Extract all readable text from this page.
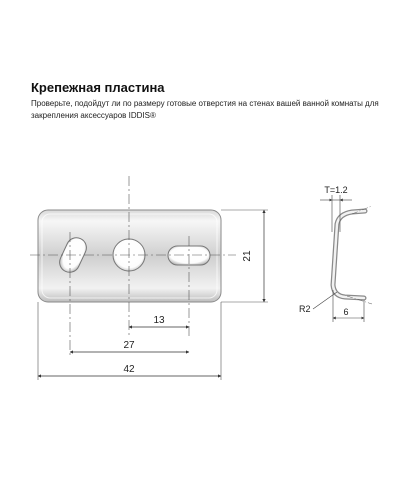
Крепежная пластина

Проверьте, подойдут ли по размеру готовые отверстия на стенах вашей ванной комнаты для закрепления аксессуаров IDDIS®

13
27
42
21
T=1.2
R2	6
